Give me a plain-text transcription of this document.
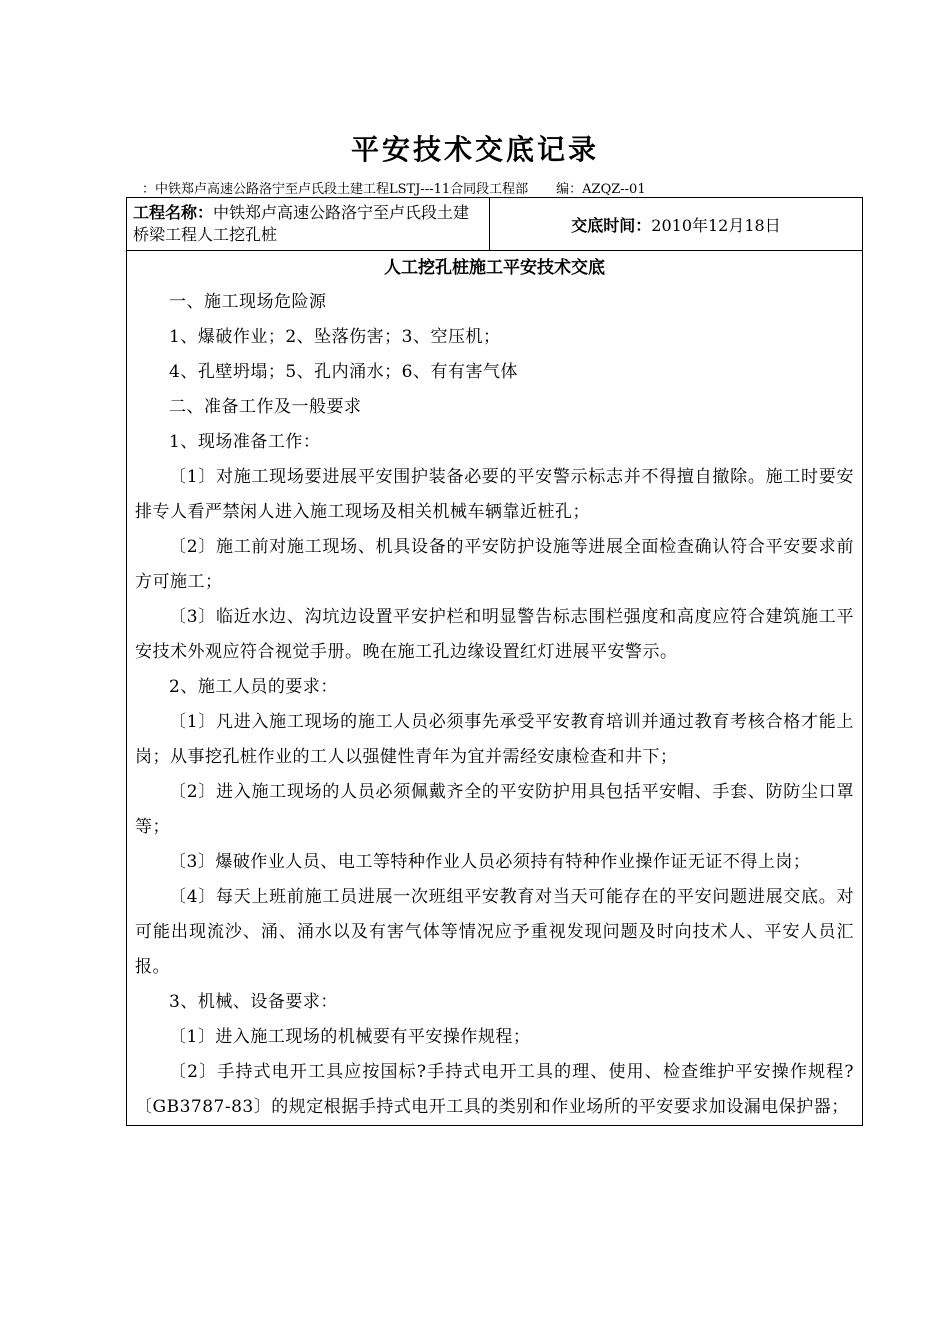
平安技术交底记录
：中铁郑卢高速公路洛宁至卢氏段土建工程LSTJ---11合同段工程部 编：AZQZ--01
工程名称：中铁郑卢高速公路洛宁至卢氏段土建桥梁工程人工挖孔桩	交底时间：2010年12月18日

人工挖孔桩施工平安技术交底

一、施工现场危险源

1、爆破作业；2、坠落伤害；3、空压机；

4、孔壁坍塌；5、孔内涌水；6、有有害气体

二、准备工作及一般要求

1、现场准备工作：

〔1〕对施工现场要进展平安围护装备必要的平安警示标志并不得擅自撤除。施工时要安排专人看严禁闲人进入施工现场及相关机械车辆靠近桩孔；

〔2〕施工前对施工现场、机具设备的平安防护设施等进展全面检查确认符合平安要求前方可施工；

〔3〕临近水边、沟坑边设置平安护栏和明显警告标志围栏强度和高度应符合建筑施工平安技术外观应符合视觉手册。晚在施工孔边缘设置红灯进展平安警示。

2、施工人员的要求：

〔1〕凡进入施工现场的施工人员必须事先承受平安教育培训并通过教育考核合格才能上岗；从事挖孔桩作业的工人以强健性青年为宜并需经安康检查和井下；

〔2〕进入施工现场的人员必须佩戴齐全的平安防护用具包括平安帽、手套、防防尘口罩等；

〔3〕爆破作业人员、电工等特种作业人员必须持有特种作业操作证无证不得上岗；

〔4〕每天上班前施工员进展一次班组平安教育对当天可能存在的平安问题进展交底。对可能出现流沙、涌、涌水以及有害气体等情况应予重视发现问题及时向技术人、平安人员汇报。

3、机械、设备要求：

〔1〕进入施工现场的机械要有平安操作规程；

〔2〕手持式电开工具应按国标?手持式电开工具的理、使用、检查维护平安操作规程?〔GB3787-83〕的规定根据手持式电开工具的类别和作业场所的平安要求加设漏电保护器；
